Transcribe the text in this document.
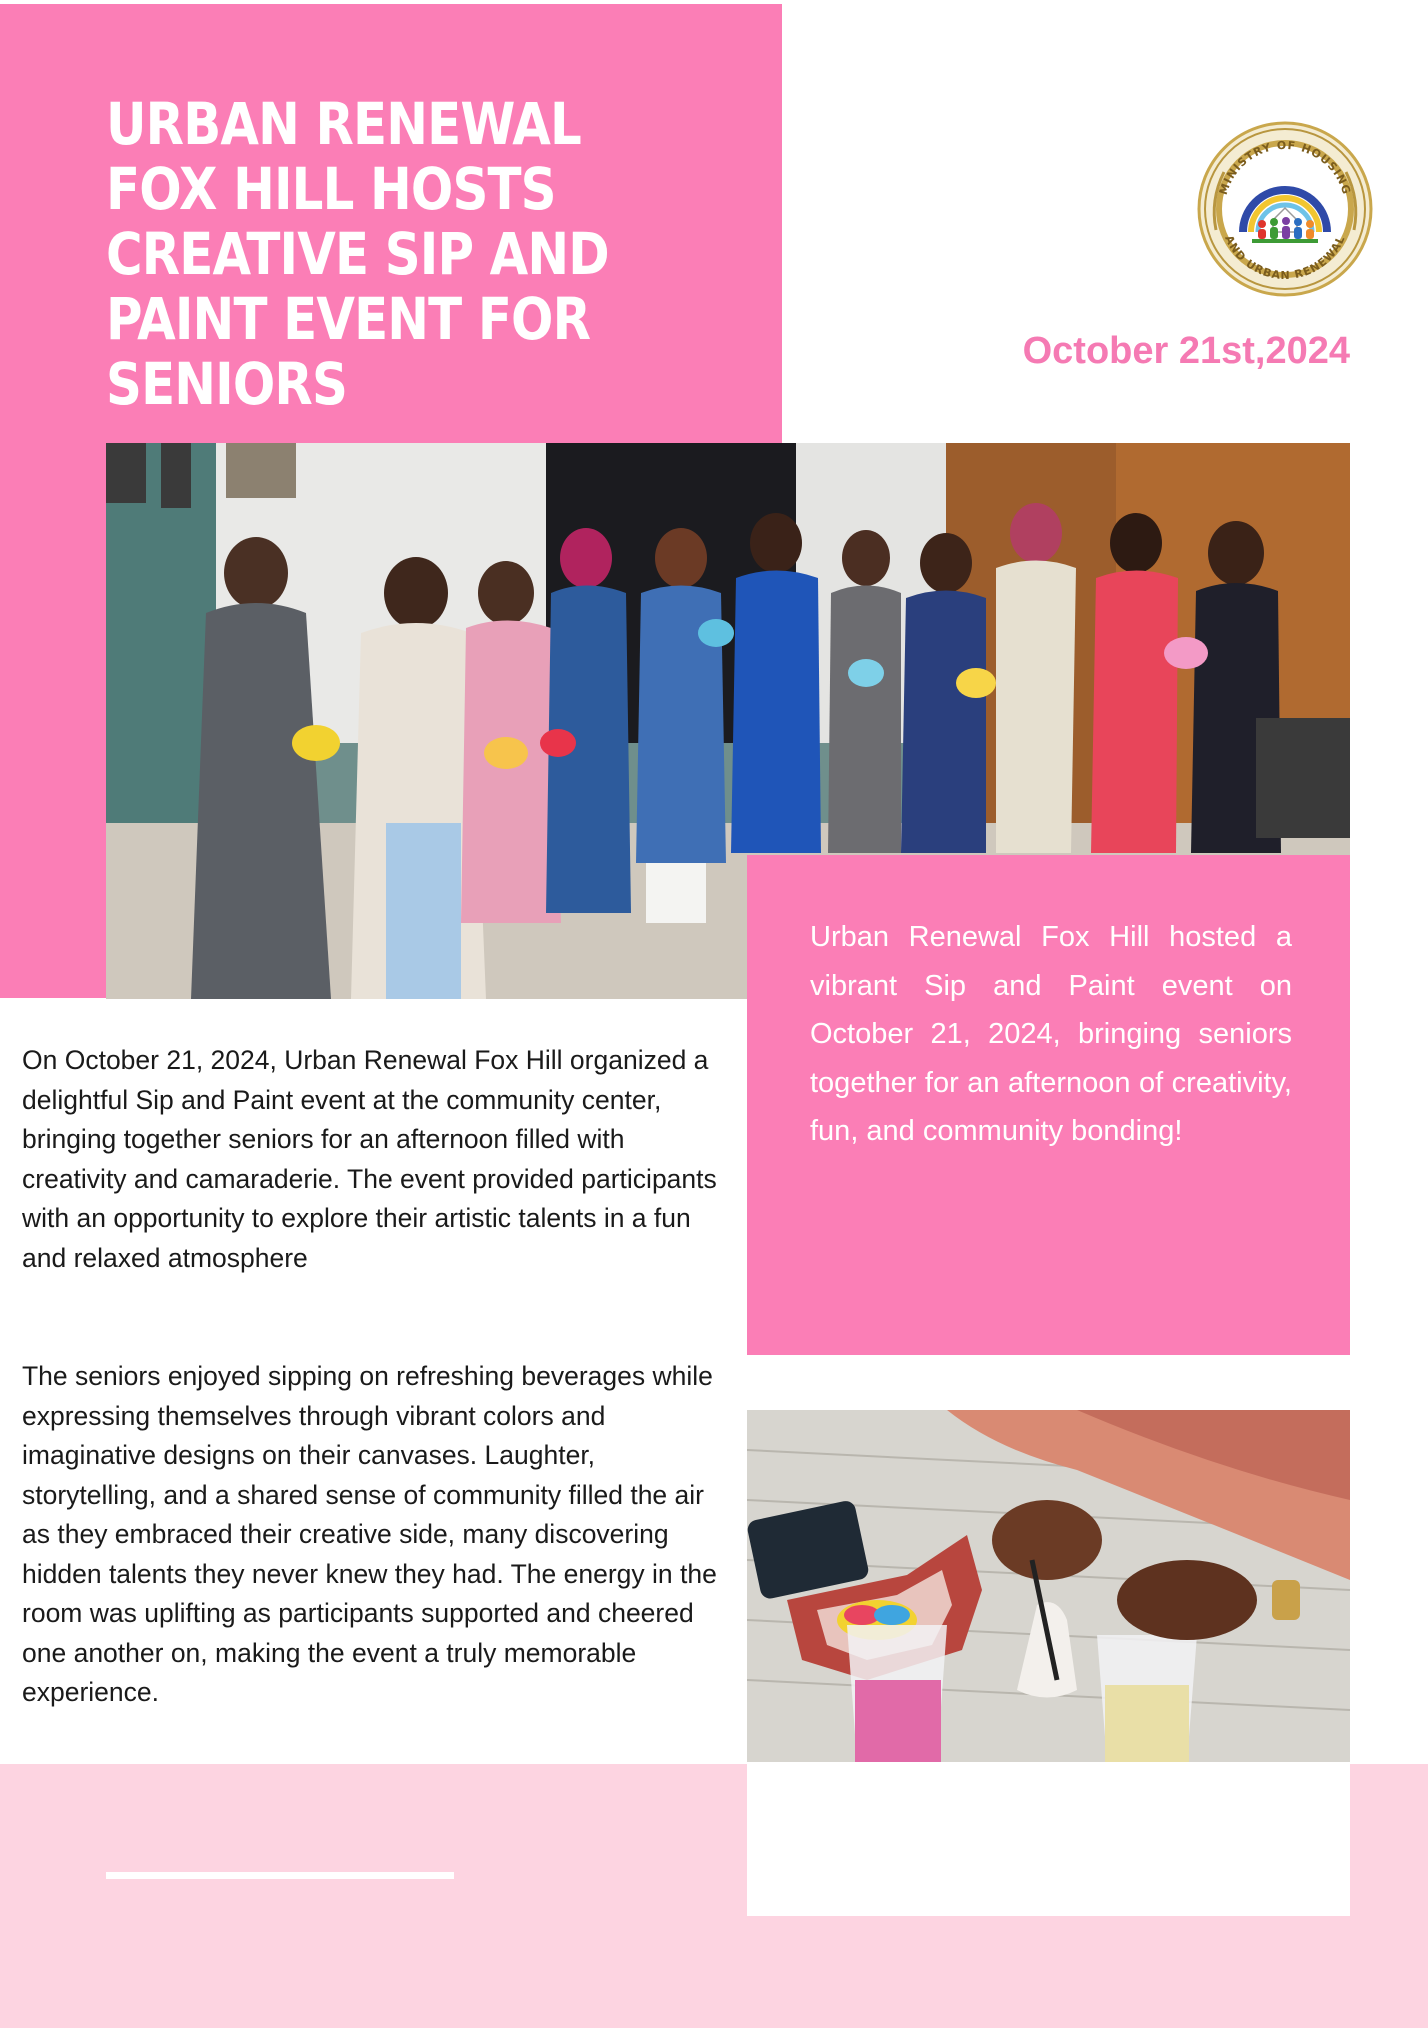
URBAN RENEWAL FOX HILL HOSTS CREATIVE SIP AND PAINT EVENT FOR SENIORS
MINISTRY OF HOUSING
AND URBAN RENEWAL
October 21st,2024

Urban Renewal Fox Hill hosted a vibrant Sip and Paint event on October 21, 2024, bringing seniors together for an afternoon of creativity, fun, and community bonding!

On October 21, 2024, Urban Renewal Fox Hill organized a delightful Sip and Paint event at the community center, bringing together seniors for an afternoon filled with creativity and camaraderie. The event provided participants with an opportunity to explore their artistic talents in a fun and relaxed atmosphere

The seniors enjoyed sipping on refreshing beverages while expressing themselves through vibrant colors and imaginative designs on their canvases. Laughter, storytelling, and a shared sense of community filled the air as they embraced their creative side, many discovering hidden talents they never knew they had. The energy in the room was uplifting as participants supported and cheered one another on, making the event a truly memorable experience.
